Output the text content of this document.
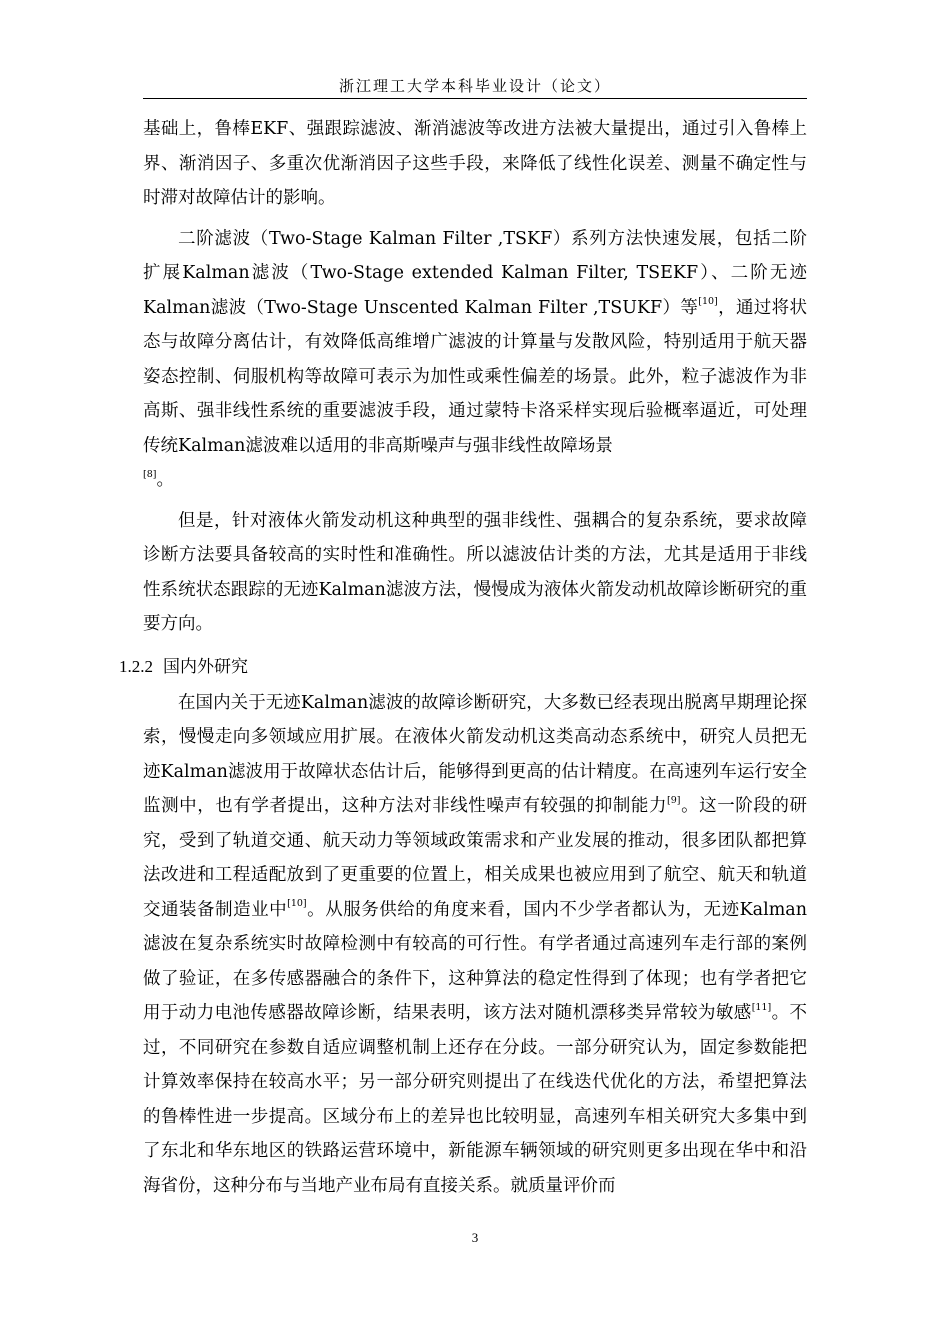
浙江理工大学本科毕业设计（论文）

基础上，鲁棒EKF、强跟踪滤波、渐消滤波等改进方法被大量提出，通过引入鲁棒上界、渐消因子、多重次优渐消因子这些手段，来降低了线性化误差、测量不确定性与时滞对故障估计的影响。

二阶滤波（Two-Stage Kalman Filter ,TSKF）系列方法快速发展，包括二阶扩展Kalman滤波（Two-Stage extended Kalman Filter, TSEKF）、二阶无迹Kalman滤波（Two-Stage Unscented Kalman Filter ,TSUKF）等[10]，通过将状态与故障分离估计，有效降低高维增广滤波的计算量与发散风险，特别适用于航天器姿态控制、伺服机构等故障可表示为加性或乘性偏差的场景。此外，粒子滤波作为非高斯、强非线性系统的重要滤波手段，通过蒙特卡洛采样实现后验概率逼近，可处理传统Kalman滤波难以适用的非高斯噪声与强非线性故障场景
[8]。

但是，针对液体火箭发动机这种典型的强非线性、强耦合的复杂系统，要求故障诊断方法要具备较高的实时性和准确性。所以滤波估计类的方法，尤其是适用于非线性系统状态跟踪的无迹Kalman滤波方法，慢慢成为液体火箭发动机故障诊断研究的重要方向。

1.2.2 国内外研究

在国内关于无迹Kalman滤波的故障诊断研究，大多数已经表现出脱离早期理论探索，慢慢走向多领域应用扩展。在液体火箭发动机这类高动态系统中，研究人员把无迹Kalman滤波用于故障状态估计后，能够得到更高的估计精度。在高速列车运行安全监测中，也有学者提出，这种方法对非线性噪声有较强的抑制能力[9]。这一阶段的研究，受到了轨道交通、航天动力等领域政策需求和产业发展的推动，很多团队都把算法改进和工程适配放到了更重要的位置上，相关成果也被应用到了航空、航天和轨道交通装备制造业中[10]。从服务供给的角度来看，国内不少学者都认为，无迹Kalman滤波在复杂系统实时故障检测中有较高的可行性。有学者通过高速列车走行部的案例做了验证，在多传感器融合的条件下，这种算法的稳定性得到了体现；也有学者把它用于动力电池传感器故障诊断，结果表明，该方法对随机漂移类异常较为敏感[11]。不过，不同研究在参数自适应调整机制上还存在分歧。一部分研究认为，固定参数能把计算效率保持在较高水平；另一部分研究则提出了在线迭代优化的方法，希望把算法的鲁棒性进一步提高。区域分布上的差异也比较明显，高速列车相关研究大多集中到了东北和华东地区的铁路运营环境中，新能源车辆领域的研究则更多出现在华中和沿海省份，这种分布与当地产业布局有直接关系。就质量评价而

3
